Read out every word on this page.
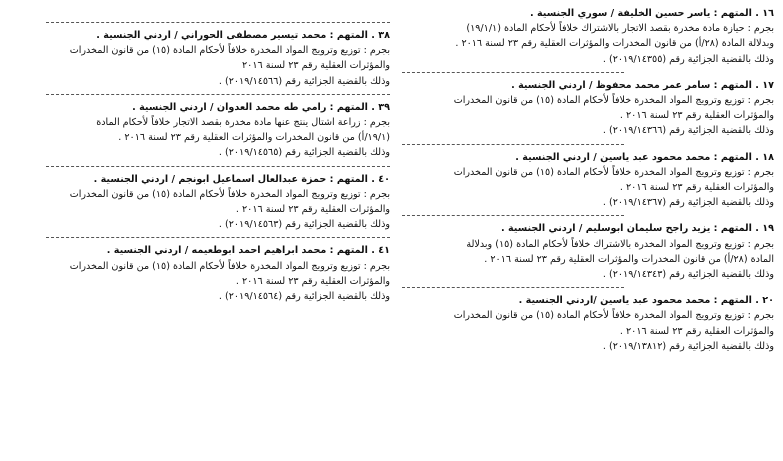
١٦ . المتهم : ياسر حسين الخليفة / سوري الجنسية .
بجرم : حيازة مادة مخدرة بقصد الاتجار بالاشتراك خلافاً لأحكام المادة (١٩/١/١)
وبدلالة المادة (٢٨/أ) من قانون المخدرات والمؤثرات العقلية رقم ٢٣ لسنة ٢٠١٦ .
وذلك بالقضية الجزائية رقم (٢٠١٩/١٤٣٥٥) .
١٧ . المتهم : سامر عمر محمد محفوظ / اردني الجنسية .
بجرم : توزيع وترويج المواد المخدرة خلافاً لأحكام المادة (١٥) من قانون المخدرات
والمؤثرات العقلية رقم ٢٣ لسنة ٢٠١٦ .
وذلك بالقضية الجزائية رقم (٢٠١٩/١٤٣٦٦) .
١٨ . المتهم : محمد محمود عبد ياسين / اردني الجنسية .
بجرم : توزيع وترويج المواد المخدرة خلافاً لأحكام المادة (١٥) من قانون المخدرات
والمؤثرات العقلية رقم ٢٣ لسنة ٢٠١٦ .
وذلك بالقضية الجزائية رقم (٢٠١٩/١٤٣٦٧) .
١٩ . المتهم : يزيد راجح سليمان ابوسليم / اردني الجنسية .
بجرم : توزيع وترويج المواد المخدرة بالاشتراك خلافاً لأحكام المادة (١٥) وبدلالة
المادة (٢٨/أ) من قانون المخدرات والمؤثرات العقلية رقم ٢٣ لسنة ٢٠١٦ .
وذلك بالقضية الجزائية رقم (٢٠١٩/١٤٣٤٣) .
٢٠ . المتهم : محمد محمود عبد ياسين /اردني الجنسية .
بجرم : توزيع وترويج المواد المخدرة خلافاً لأحكام المادة (١٥) من قانون المخدرات
والمؤثرات العقلية رقم ٢٣ لسنة ٢٠١٦ .
وذلك بالقضية الجزائية رقم (٢٠١٩/١٣٨١٢) .
٣٨ . المتهم : محمد تيسير مصطفى الحوراني / اردني الجنسية .
بجرم : توزيع وترويج المواد المخدرة خلافاً لأحكام المادة (١٥) من قانون المخدرات
والمؤثرات العقلية رقم ٢٣ لسنة ٢٠١٦
وذلك بالقضية الجزائية رقم (٢٠١٩/١٤٥٦٦) .
٣٩ . المتهم : رامي طه محمد العدوان / اردني الجنسية .
بجرم : زراعة اشتال ينتج عنها مادة مخدرة بقصد الاتجار خلافاً لأحكام المادة
(١٩/١/أ) من قانون المخدرات والمؤثرات العقلية رقم ٢٣ لسنة ٢٠١٦ .
وذلك بالقضية الجزائية رقم (٢٠١٩/١٤٥٦٥) .
٤٠ . المتهم : حمزة عبدالعال اسماعيل ابونجم / اردني الجنسية .
بجرم : توزيع وترويج المواد المخدرة خلافاً لأحكام المادة (١٥) من قانون المخدرات
والمؤثرات العقلية رقم ٢٣ لسنة ٢٠١٦ .
وذلك بالقضية الجزائية رقم (٢٠١٩/١٤٥٦٣) .
٤١ . المتهم : محمد ابراهيم احمد ابوطعيمه / اردني الجنسية .
بجرم : توزيع وترويج المواد المخدرة خلافاً لأحكام المادة (١٥) من قانون المخدرات
والمؤثرات العقلية رقم ٢٣ لسنة ٢٠١٦ .
وذلك بالقضية الجزائية رقم (٢٠١٩/١٤٥٦٤) .
